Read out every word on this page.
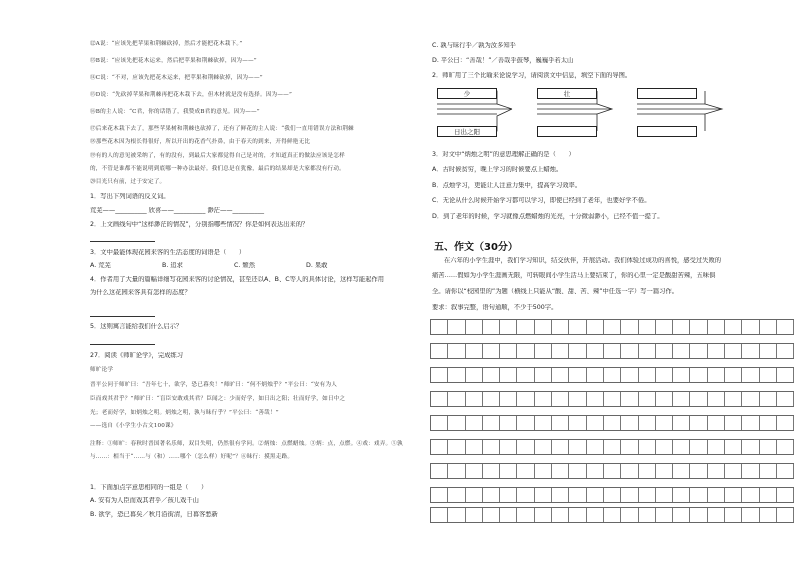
⑫A说：“应该先把苹果和荆棘砍掉，然后才能把花木栽下。”
⑬B说：“应该先把花木运来，然后把苹果和荆棘砍掉，因为——”
⑭C说：“不对，应该先把花木运来，把苹果和荆棘砍掉，因为——”
⑮D说：“先砍掉苹果和荆棘再把花木栽下去，但木材就是没有选择。因为——”
⑯B的主人说：“C君，你的话错了，我赞成B君的意见。因为——”
⑰后来花木栽下去了，那些苹果树和荆棘也砍掉了，还有了鲜花的主人说：“我们一直用错误方法和荆棘
⑱那些花木因为根长得很好，所以开出的花香气扑鼻，由于春天的到来，开得鲜艳无比
⑲有的人的意见被采纳了，有的没有，到最后大家都觉得自己是对的，才知道真正的做法应该是怎样
的，不管是谁都不能说明到底哪一种办法最好。我们总是在犹豫，最后的结果却是大家都没有行动。
⑳目光只有前，过于安定了。
1．写出下列词语的反义词。
荒芜——__________ 欣喜——__________ 渺茫——__________
2．上文画线句中“这样渺茫的情况”，分别指哪些情况？你是如何表达出来的？
3．文中最能体现花园来客的生活态度的词语是（　　）
A. 荒芜	B. 追求	C. 颓然	D. 果敢
4．作者用了大量的篇幅详细写花园来客的讨论情况，甚至还以A、B、C等人的具体讨论，这样写能起作用
为什么这花园来客具有怎样的态度？
5．这则寓言能给我们什么启示？
27．阅读《师旷论学》，完成练习
师旷论学
晋平公问于师旷曰：“吾年七十，欲学，恐已暮矣！”师旷曰：“何不炳烛乎？”平公曰：“安有为人
臣而戏其君乎？”师旷曰：“盲臣安敢戏其君？臣闻之：少而好学，如日出之阳；壮而好学，如日中之
光；老而好学，如炳烛之明。炳烛之明，孰与昧行乎？”平公曰：“善哉！”
——选自《小学生小古文100课》
注释：①师旷：春秋时晋国著名乐师，双目失明，仍然很有学问。②炳烛：点燃蜡烛。③炳：点，点燃。④戏：戏弄。⑤孰与……：相当于“……与（和）……哪个（怎么样）好呢”？⑥昧行：摸黑走路。
1．下面加点字意思相同的一组是（　　）
A. 安有为人臣而戏其君乎／孩儿戏千山
B. 欲学，恐已暮矣／秋月沿街清，日暮客愁新
C. 孰与昧行乎／孰为汝多知乎
D. 平公曰：“善哉！”／善哉乎鼓琴，巍巍乎若太山
2．师旷用了三个比喻来论说学习，请阅读文中信息，填空下面的导图。
3．对文中“炳烛之明”的意思理解正确的是（　　）
A．古时候贫穷，晚上学习的时候要点上蜡烛。
B．点烛学习，更能让人注意力集中，提高学习效率。
C．无论从什么时候开始学习都可以学习，即使已经到了老年，也要好学不倦。
D．到了老年的时候，学习就像点燃蜡烛的光亮，十分微弱渺小，已经不值一提了。
五、作文（30分）
在六年的小学生涯中，我们学习知识，结交伙伴，开展活动。我们体验过成功的喜悦，感受过失败的
痛苦……假如为小学生涯画无限，可转眼间小学生活马上要结束了，你的心里一定是酸甜苦辣，五味俱
全。请你以“校园里的”为题（横线上只能从“酸、甜、苦、辣”中任选一字）写一篇习作。
要求：叙事完整，语句通顺，不少于500字。
少	壮
日出之阳
